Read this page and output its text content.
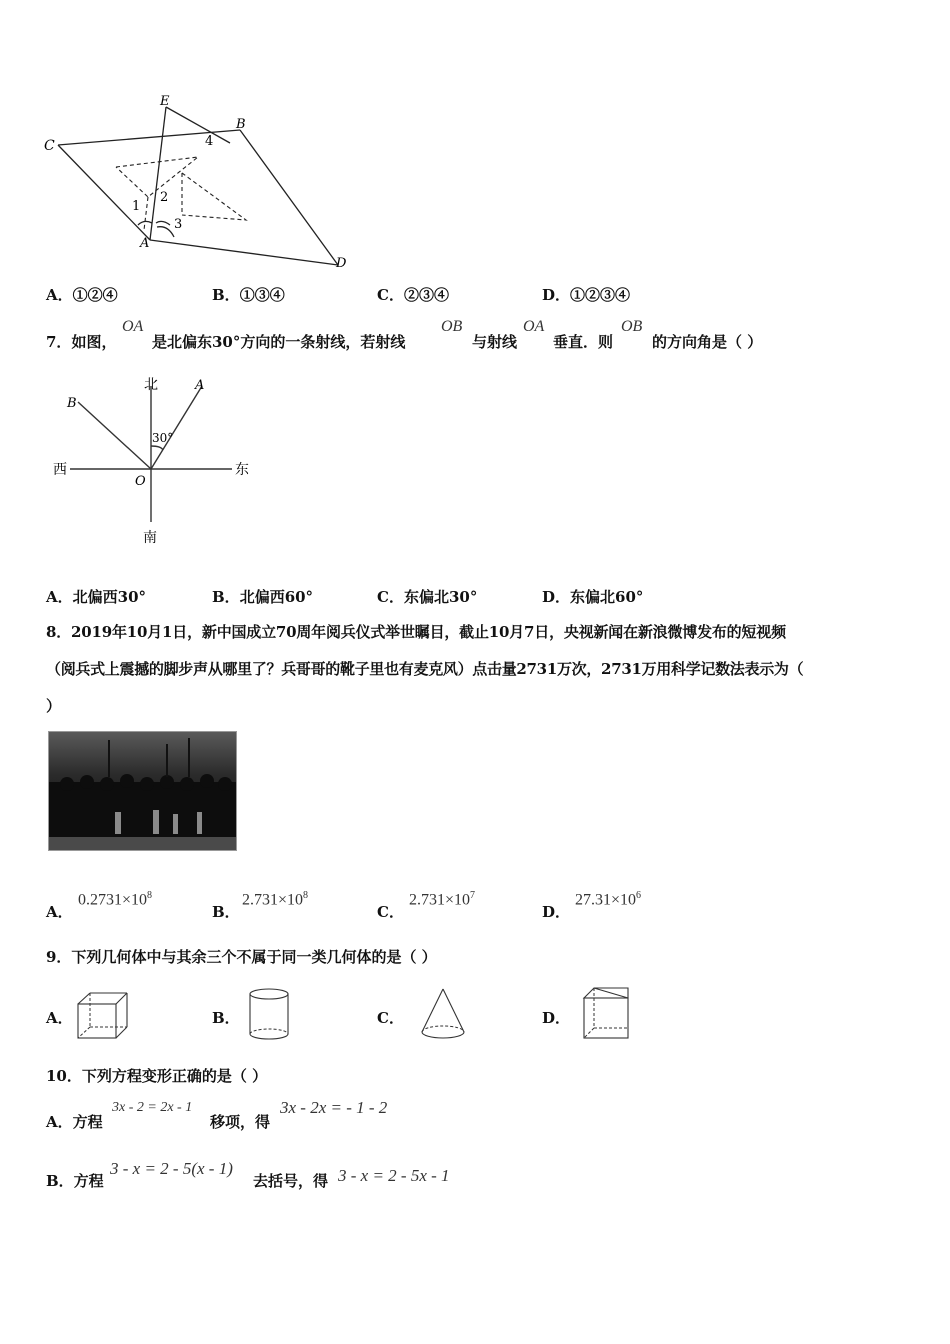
C
E
B
D
A
1
2
3
4
A．①②④	B．①③④	C．②③④	D．①②③④
7．如图，
OA
是北偏东30°方向的一条射线，若射线
OB
与射线
OA
垂直．则
OB
的方向角是（ ）
北
南
西	东
A
B
O
30°
A．北偏西30°	B．北偏西60°	C．东偏北30°	D．东偏北60°
8．2019年10月1日，新中国成立70周年阅兵仪式举世瞩目，截止10月7日，央视新闻在新浪微博发布的短视频
（阅兵式上震撼的脚步声从哪里了？兵哥哥的靴子里也有麦克风）点击量2731万次，2731万用科学记数法表示为（
）
A．
$0.2731\times 10^8$
B．
$2.731\times 10^8$
C．
$2.731\times 10^7$
D．
$27.31\times 10^6$
9．下列几何体中与其余三个不属于同一类几何体的是（ ）
A．	B．	C．	D．
10．下列方程变形正确的是（ ）
A．方程
3x - 2 = 2x - 1
移项，得
3x - 2x = - 1 - 2
B．方程
3 - x = 2 - 5(x - 1)
去括号，得 3 - x = 2 - 5x - 1
